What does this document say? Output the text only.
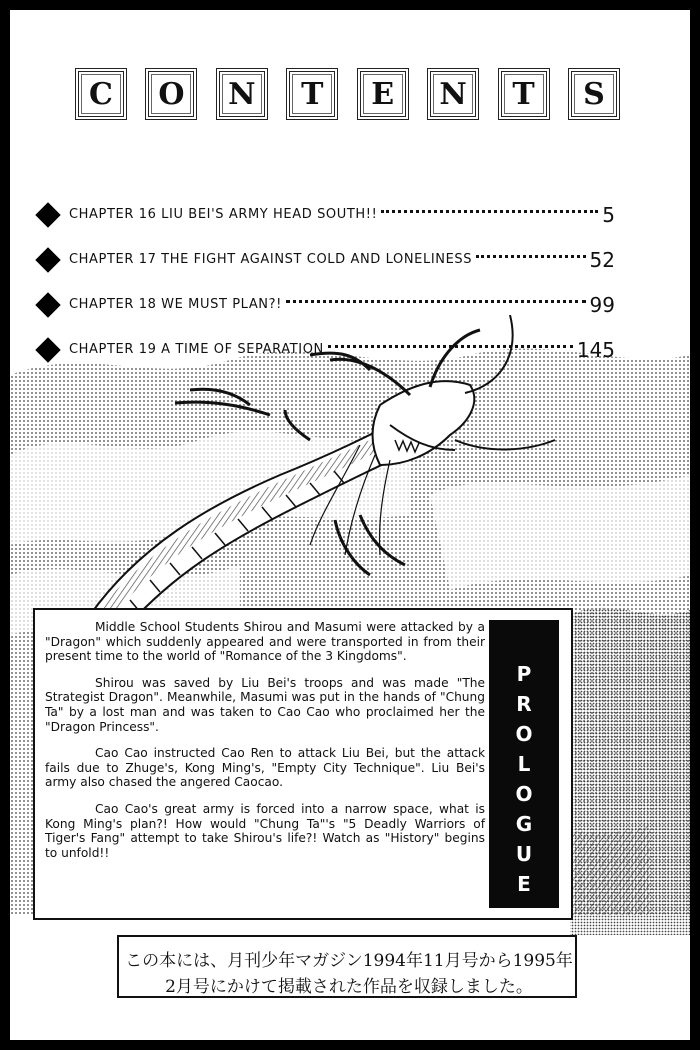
C	O	N	T	E	N	T	S
CHAPTER 16 LIU BEI'S ARMY HEAD SOUTH!!	5
CHAPTER 17 THE FIGHT AGAINST COLD AND LONELINESS	52
CHAPTER 18 WE MUST PLAN?!	99
CHAPTER 19 A TIME OF SEPARATION	145

Middle School Students Shirou and Masumi were attacked by a "Dragon" which suddenly appeared and were transported in from their present time to the world of "Romance of the 3 Kingdoms".

Shirou was saved by Liu Bei's troops and was made "The Strategist Dragon". Meanwhile, Masumi was put in the hands of "Chung Ta" by a lost man and was taken to Cao Cao who proclaimed her the "Dragon Princess".

Cao Cao instructed Cao Ren to attack Liu Bei, but the attack fails due to Zhuge's, Kong Ming's, "Empty City Technique". Liu Bei's army also chased the angered Caocao.

Cao Cao's great army is forced into a narrow space, what is Kong Ming's plan?! How would "Chung Ta"'s "5 Deadly Warriors of Tiger's Fang" attempt to take Shirou's life?! Watch as "History" begins to unfold!!

P
R
O
L
O
G
U
E
この本には、月刊少年マガジン1994年11月号から1995年
2月号にかけて掲載された作品を収録しました。
